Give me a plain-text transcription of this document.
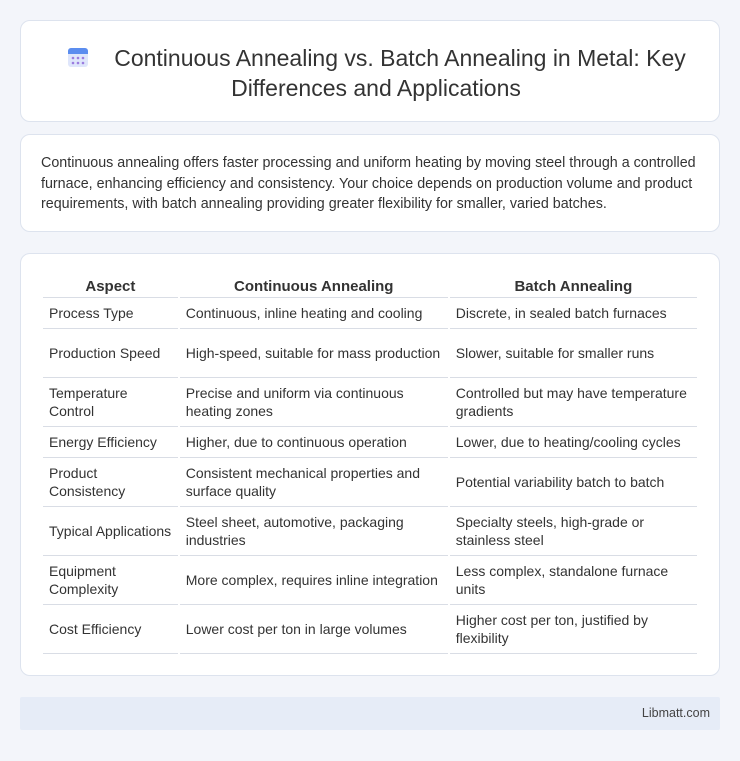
Continuous Annealing vs. Batch Annealing in Metal: Key Differences and Applications

Continuous annealing offers faster processing and uniform heating by moving steel through a controlled furnace, enhancing efficiency and consistency. Your choice depends on production volume and product requirements, with batch annealing providing greater flexibility for smaller, varied batches.

Aspect	Continuous Annealing	Batch Annealing
Process Type	Continuous, inline heating and cooling	Discrete, in sealed batch furnaces
Production Speed	High-speed, suitable for mass production	Slower, suitable for smaller runs
Temperature Control	Precise and uniform via continuous heating zones	Controlled but may have temperature gradients
Energy Efficiency	Higher, due to continuous operation	Lower, due to heating/cooling cycles
Product Consistency	Consistent mechanical properties and surface quality	Potential variability batch to batch
Typical Applications	Steel sheet, automotive, packaging industries	Specialty steels, high-grade or stainless steel
Equipment Complexity	More complex, requires inline integration	Less complex, standalone furnace units
Cost Efficiency	Lower cost per ton in large volumes	Higher cost per ton, justified by flexibility
Libmatt.com
